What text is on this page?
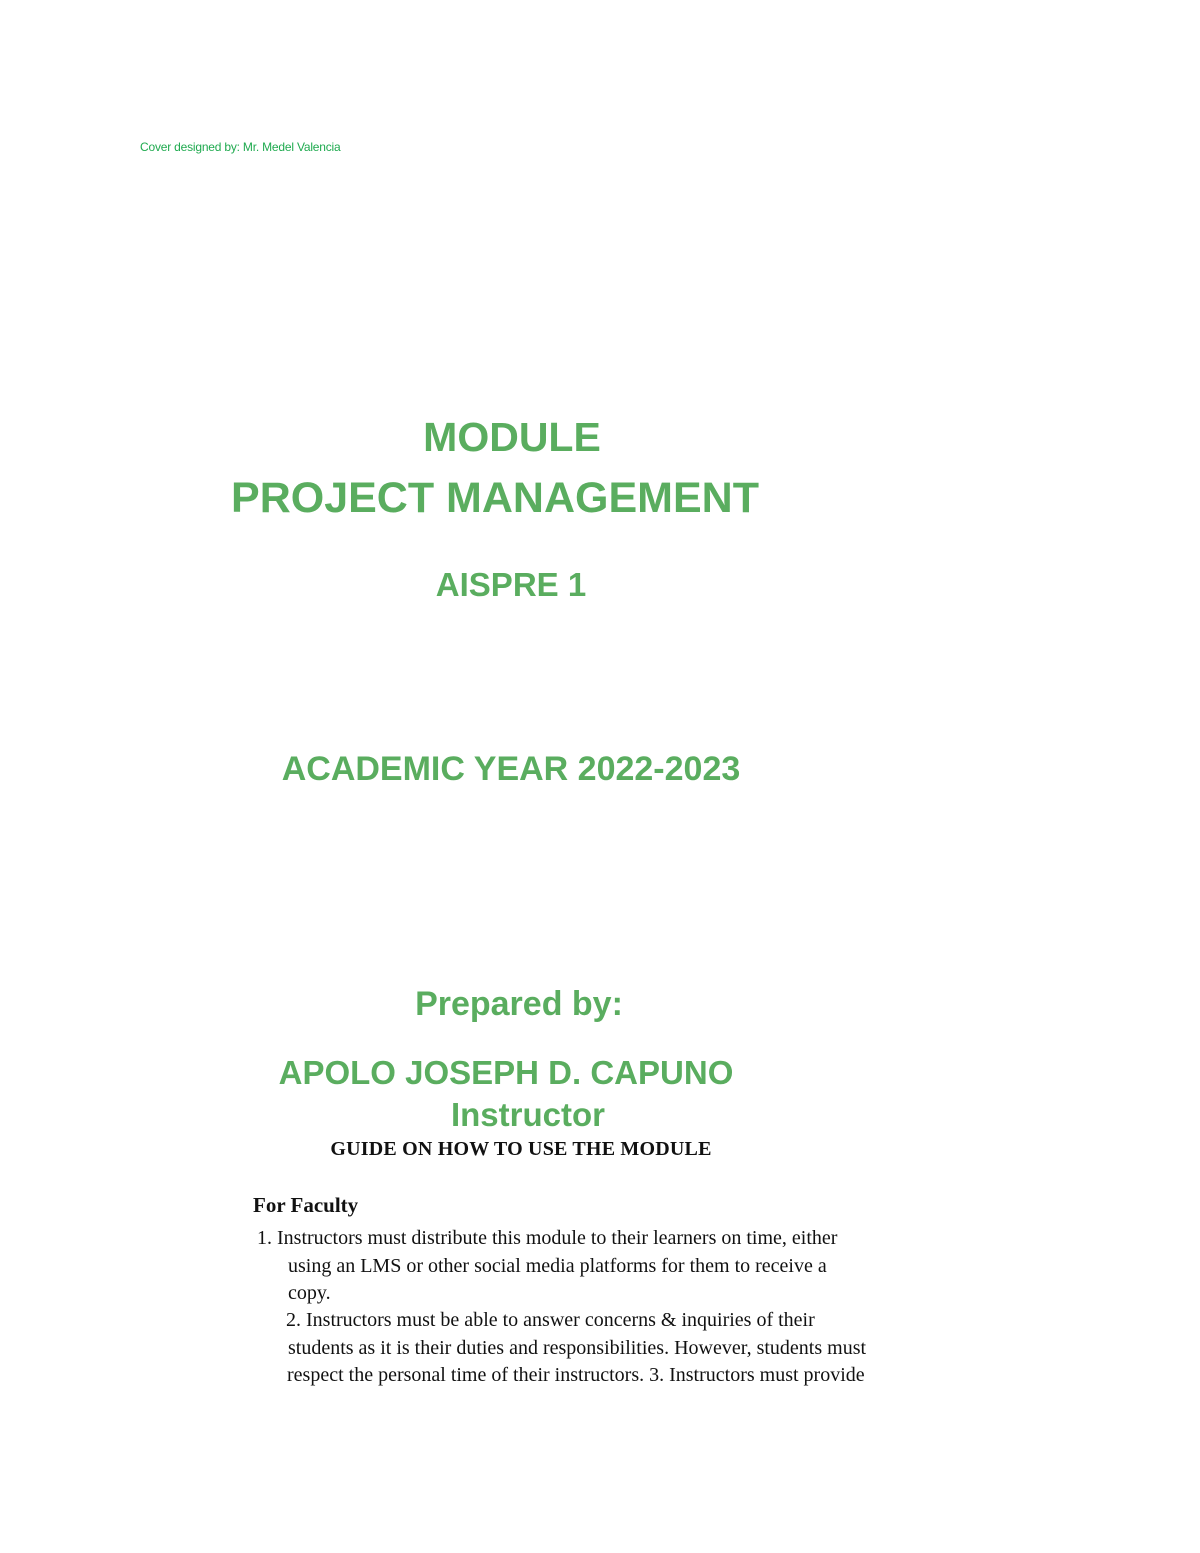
Cover designed by: Mr. Medel Valencia
MODULE
PROJECT MANAGEMENT
AISPRE 1
ACADEMIC YEAR 2022-2023
Prepared by:
APOLO JOSEPH D. CAPUNO
Instructor
GUIDE ON HOW TO USE THE MODULE
For Faculty
1. Instructors must distribute this module to their learners on time, either
using an LMS or other social media platforms for them to receive a
copy.
2. Instructors must be able to answer concerns & inquiries of their
students as it is their duties and responsibilities. However, students must
respect the personal time of their instructors. 3. Instructors must provide
